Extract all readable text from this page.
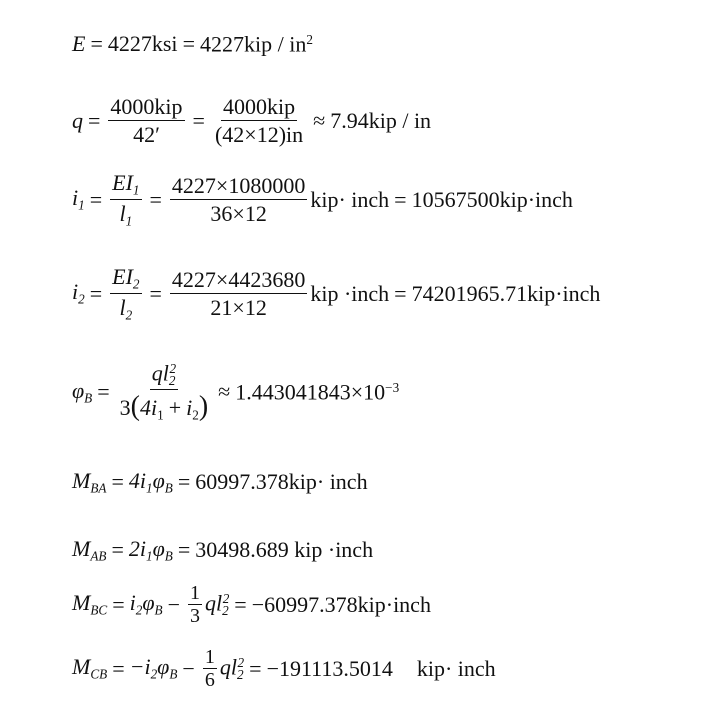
$E = 4227ksi = 4227kip / in^2$
$q = \frac{\text{4000kip}}{42'} = \frac{\text{4000kip}}{(42\times 12)in} \approx 7.94kip$ / in
$i_1 = \frac{EI_1}{l_1} = \frac{4227\times 1080000}{36\times 12} kip\cdot$ inch = 10567500kip·inch
$i_2 = \frac{EI_2}{l_2} = \frac{4227\times 4423680}{21\times 12}$ kip ·inch = 74201965.71kip·inch
$\varphi_B = \frac{ql_2^2}{3(4i_1 + i_2)} \approx 1.443041843\times 10^{-3}$
$M_{BA} = 4i_1\varphi_B = 60997.378kip\cdot$ inch
$M_{AB} = 2i_1\varphi_B = 30498.689$ kip ·inch
$M_{BC} = i_2\varphi_B - \frac{1}{3} ql_2^2$ = −60997.378kip·inch
$M_{CB} = -i_2\varphi_B - \frac{1}{6} ql_2^2 = -191113.5014$ kip· inch
